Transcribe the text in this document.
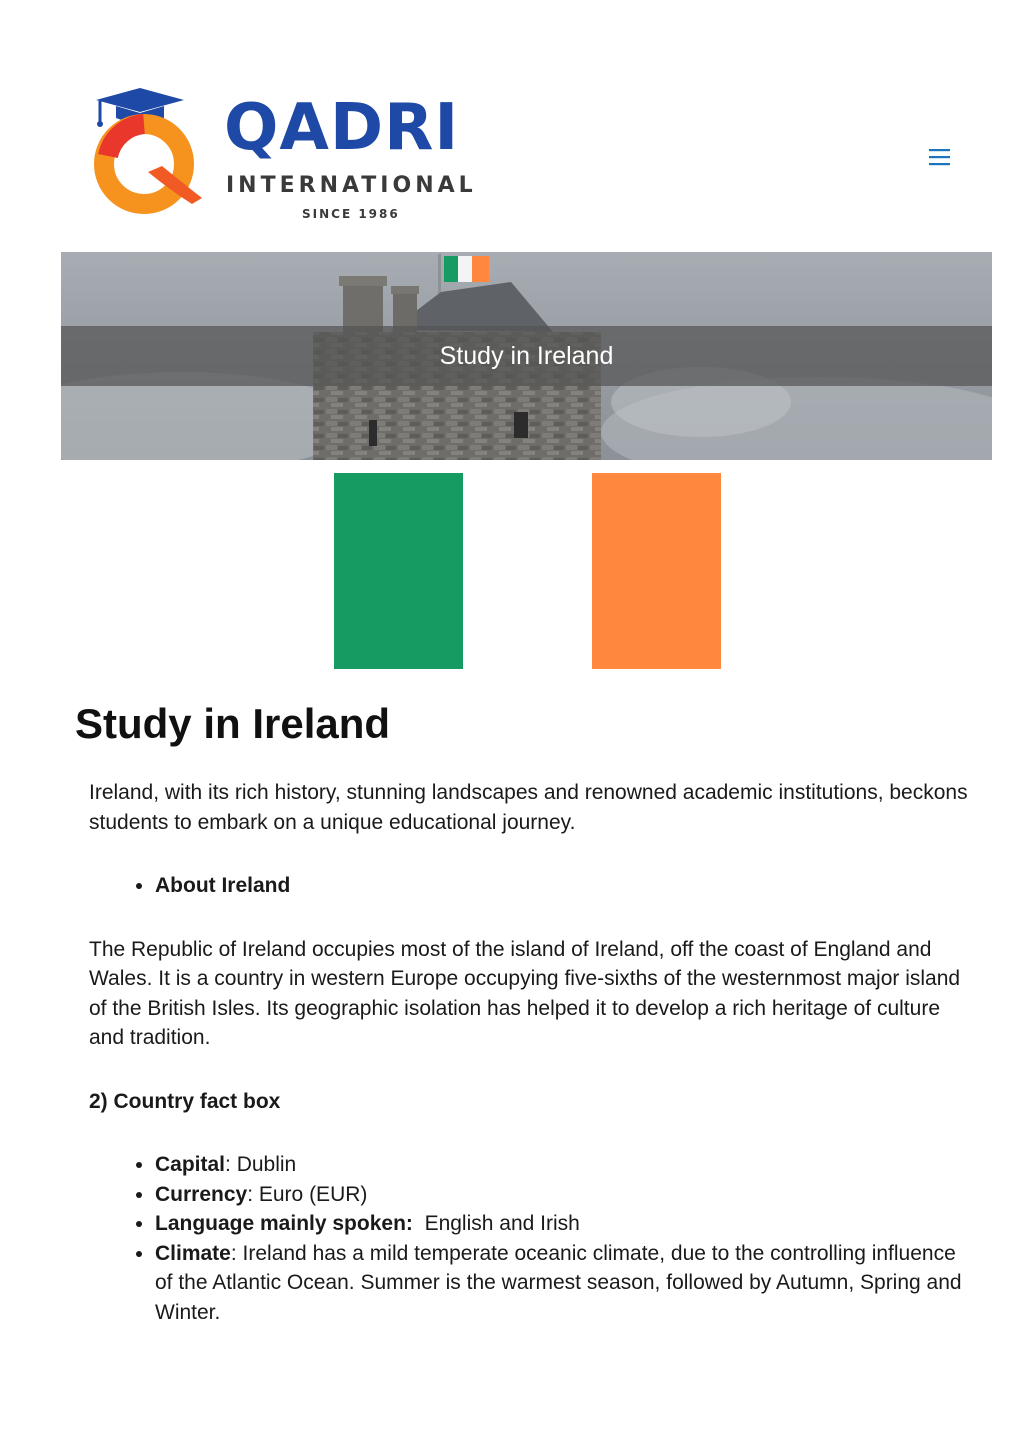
QADRI
INTERNATIONAL
SINCE 1986
Study in Ireland
Study in Ireland

Ireland, with its rich history, stunning landscapes and renowned academic institutions, beckons students to embark on a unique educational journey.

• About Ireland

The Republic of Ireland occupies most of the island of Ireland, off the coast of England and Wales. It is a country in western Europe occupying five-sixths of the westernmost major island of the British Isles. Its geographic isolation has helped it to develop a rich heritage of culture and tradition.

2) Country fact box

• Capital: Dublin
• Currency: Euro (EUR)
• Language mainly spoken: English and Irish
• Climate: Ireland has a mild temperate oceanic climate, due to the controlling influence of the Atlantic Ocean. Summer is the warmest season, followed by Autumn, Spring and Winter.
